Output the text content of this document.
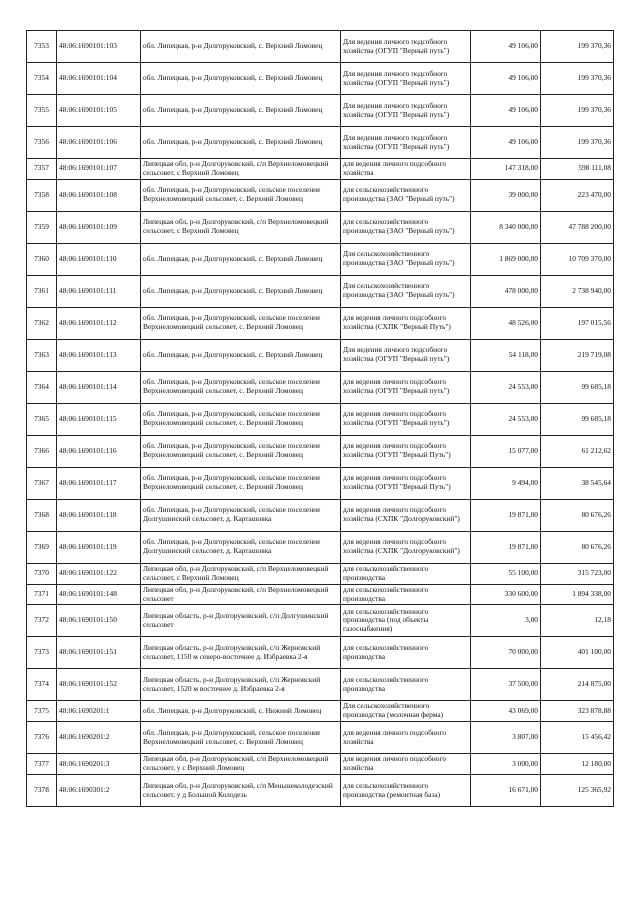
7353	48:06:1690101:103	обл. Липецкая, р-н Долгоруковский, с. Верхний Ломовец	Для ведения личного подсобного хозяйства (ОГУП "Верный путь")	49 106,00	199 370,36
7354	48:06:1690101:104	обл. Липецкая, р-н Долгоруковский, с. Верхний Ломовец	Для ведения личного подсобного хозяйства (ОГУП "Верный путь")	49 106,00	199 370,36
7355	48:06:1690101:105	обл. Липецкая, р-н Долгоруковский, с. Верхний Ломовец	Для ведения личного подсобного хозяйства (ОГУП "Верный путь")	49 106,00	199 370,36
7356	48:06:1690101:106	обл. Липецкая, р-н Долгоруковский, с. Верхний Ломовец	Для ведения личного подсобного хозяйства (ОГУП "Верный путь")	49 106,00	199 370,36
7357	48:06:1690101:107	Липецкая обл, р-н Долгоруковский, с/п Верхнеломовецкий сельсовет, с Верхний Ломовец	для ведения личного подсобного хозяйства	147 318,00	598 111,08
7358	48:06:1690101:108	обл. Липецкая, р-н Долгоруковский, сельское поселение Верхнеломовецкий сельсовет, с. Верхний Ломовец	для сельскохозяйственного производства (ЗАО "Верный путь")	39 000,00	223 470,00
7359	48:06:1690101:109	Липецкая обл, р-н Долгоруковский, с/п Верхнеломовецкий сельсовет, с Верхний Ломовец	для сельскохозяйственного производства (ЗАО "Верный путь")	8 340 000,00	47 788 200,00
7360	48:06:1690101:110	обл. Липецкая, р-н Долгоруковский, с. Верхний Ломовец	Для сельскохозяйственного производства (ЗАО "Верный путь")	1 869 000,00	10 709 370,00
7361	48:06:1690101:111	обл. Липецкая, р-н Долгоруковский, с. Верхний Ломовец	Для сельскохозяйственного производства (ЗАО "Верный путь")	478 000,00	2 738 940,00
7362	48:06:1690101:112	обл. Липецкая, р-н Долгоруковский, сельское поселение Верхнеломовецкий сельсовет, с. Верхний Ломовец	для ведения личного подсобного хозяйства (СХПК "Верный Путь")	48 526,00	197 015,56
7363	48:06:1690101:113	обл. Липецкая, р-н Долгоруковский, с. Верхний Ломовец	Для ведения личного подсобного хозяйства (ОГУП "Верный путь")	54 118,00	219 719,08
7364	48:06:1690101:114	обл. Липецкая, р-н Долгоруковский, сельское поселение Верхнеломовецкий сельсовет, с. Верхний Ломовец	для ведения личного подсобного хозяйства (ОГУП "Верный путь")	24 553,00	99 685,18
7365	48:06:1690101:115	обл. Липецкая, р-н Долгоруковский, сельское поселение Верхнеломовецкий сельсовет, с. Верхний Ломовец	для ведения личного подсобного хозяйства (ОГУП "Верный путь")	24 553,00	99 685,18
7366	48:06:1690101:116	обл. Липецкая, р-н Долгоруковский, сельское поселение Верхнеломовецкий сельсовет, с. Верхний Ломовец	для ведения личного подсобного хозяйства (ОГУП "Верный Путь")	15 077,00	61 212,62
7367	48:06:1690101:117	обл. Липецкая, р-н Долгоруковский, сельское поселение Верхнеломовецкий сельсовет, с. Верхний Ломовец	для ведения личного подсобного хозяйства (ОГУП "Верный Путь")	9 494,00	38 545,64
7368	48:06:1690101:118	обл. Липецкая, р-н Долгоруковский, сельское поселение Долгушинский сельсовет, д. Карташовка	для ведения личного подсобного хозяйства (СХПК "Долгоруковский")	19 871,00	80 676,26
7369	48:06:1690101:119	обл. Липецкая, р-н Долгоруковский, сельское поселение Долгушинский сельсовет, д. Карташовка	для ведения личного подсобного хозяйства (СХПК "Долгоруковский")	19 871,00	80 676,26
7370	48:06:1690101:122	Липецкая обл, р-н Долгоруковский, с/п Верхнеломовецкий сельсовет, с Верхний Ломовец	для сельскохозяйственного производства	55 100,00	315 723,00
7371	48:06:1690101:148	Липецкая обл, р-н Долгоруковский, с/п Верхнеломовецкий сельсовет	для сельскохозяйственного производства	330 600,00	1 894 338,00
7372	48:06:1690101:150	Липецкая область, р-н Долгоруковский, с/п Долгушинский сельсовет	для сельскохозяйственного производства (под объекты газоснабжения)	3,00	12,18
7373	48:06:1690101:151	Липецкая область, р-н Долгоруковский, с/п Жерновский сельсовет, 1150 м северо-восточнее д. Избраевка 2-я	для сельскохозяйственного производства	70 000,00	401 100,00
7374	48:06:1690101:152	Липецкая область, р-н Долгоруковский, с/п Жерновский сельсовет, 1520 м восточнее д. Избраевка 2-я	для сельскохозяйственного производства	37 500,00	214 875,00
7375	48:06:1690201:1	обл. Липецкая, р-н Долгоруковский, с. Нижний Ломовец	Для сельскохозяйственного производства (молочная ферма)	43 069,00	323 878,88
7376	48:06:1690201:2	обл. Липецкая, р-н Долгоруковский, сельское поселение Верхнеломовецкий сельсовет, с. Верхний Ломовец	для ведения личного подсобного хозяйства	3 807,00	15 456,42
7377	48:06:1690201:3	Липецкая обл, р-н Долгоруковский, с/п Верхнеломовецкий сельсовет, у с Верхний Ломовец	для ведения личного подсобного хозяйства	3 000,00	12 180,00
7378	48:06:1690301:2	Липецкая обл, р-н Долгоруковский, с/п Меньшеколодезский сельсовет, у д Большой Колодезь	для сельскохозяйственного производства (ремонтная база)	16 671,00	125 365,92
